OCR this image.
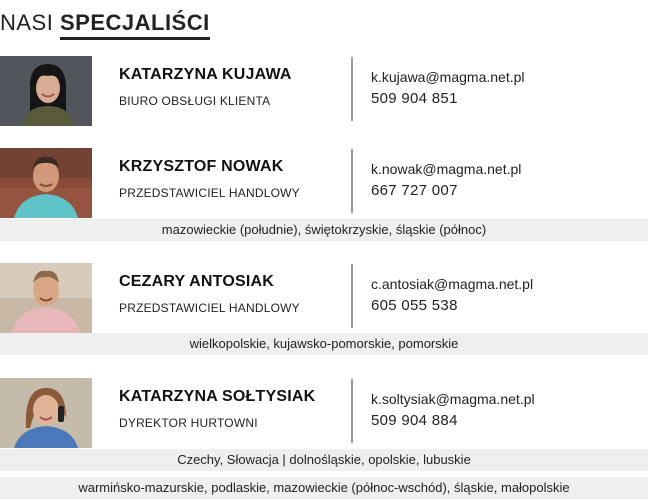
NASI SPECJALIŚCI
KATARZYNA KUJAWA
BIURO OBSŁUGI KLIENTA
k.kujawa@magma.net.pl
509 904 851
KRZYSZTOF NOWAK
PRZEDSTAWICIEL HANDLOWY
k.nowak@magma.net.pl
667 727 007
mazowieckie (południe), świętokrzyskie, śląskie (północ)
CEZARY ANTOSIAK
PRZEDSTAWICIEL HANDLOWY
c.antosiak@magma.net.pl
605 055 538
wielkopolskie, kujawsko-pomorskie, pomorskie
KATARZYNA SOŁTYSIAK
DYREKTOR HURTOWNI
k.soltysiak@magma.net.pl
509 904 884
Czechy, Słowacja | dolnośląskie, opolskie, lubuskie
warmińsko-mazurskie, podlaskie, mazowieckie (północ-wschód), śląskie, małopolskie
